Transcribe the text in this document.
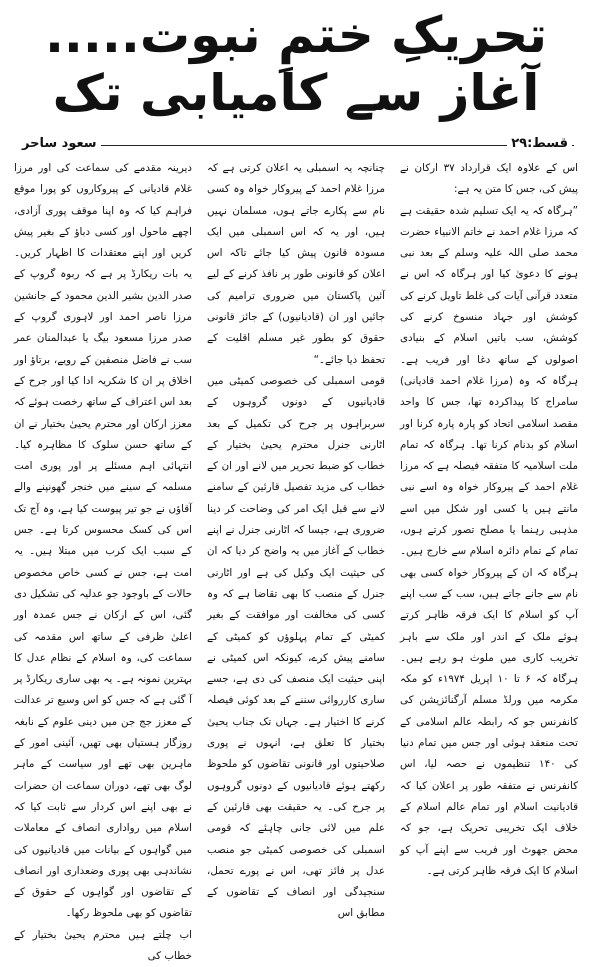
تحریکِ ختمِ نبوت.....
آغاز سے کامیابی تک
قسط:۲۹
سعود ساحر

اس کے علاوہ ایک قرارداد ۳۷ ارکان نے پیش کی، جس کا متن یہ ہے:

”ہرگاہ کہ یہ ایک تسلیم شدہ حقیقت ہے کہ مرزا غلام احمد نے خاتم الانبیاء حضرت محمد صلی اللہ علیہ وسلم کے بعد نبی ہونے کا دعویٰ کیا اور ہرگاہ کہ اس نے متعدد قرآنی آیات کی غلط تاویل کرنے کی کوشش اور جہاد منسوخ کرنے کی کوشش، سب باتیں اسلام کے بنیادی اصولوں کے ساتھ دغا اور فریب ہے۔ ہرگاہ کہ وہ (مرزا غلام احمد قادیانی) سامراج کا پیداکردہ تھا، جس کا واحد مقصد اسلامی اتحاد کو پارہ پارہ کرنا اور اسلام کو بدنام کرنا تھا۔ ہرگاہ کہ تمام ملت اسلامیہ کا متفقہ فیصلہ ہے کہ مرزا غلام احمد کے پیروکار خواہ وہ اسے نبی مانتے ہیں یا کسی اور شکل میں اسے مذہبی رہنما یا مصلح تصور کرتے ہوں، تمام کے تمام دائرہ اسلام سے خارج ہیں۔ ہرگاہ کہ ان کے پیروکار خواہ کسی بھی نام سے جانے جاتے ہیں، سب کے سب اپنے آپ کو اسلام کا ایک فرقہ ظاہر کرتے ہوئے ملک کے اندر اور ملک سے باہر تخریب کاری میں ملوث ہو رہے ہیں۔ ہرگاہ کہ ۶ تا ۱۰ اپریل ۱۹۷۴ء کو مکہ مکرمہ میں ورلڈ مسلم آرگنائزیشن کی کانفرنس جو کہ رابطہ عالم اسلامی کے تحت منعقد ہوئی اور جس میں تمام دنیا کی ۱۴۰ تنظیموں نے حصہ لیا، اس کانفرنس نے متفقہ طور پر اعلان کیا کہ قادیانیت اسلام اور تمام عالم اسلام کے خلاف ایک تخریبی تحریک ہے، جو کہ محض جھوٹ اور فریب سے اپنے آپ کو اسلام کا ایک فرقہ ظاہر کرتی ہے۔

چنانچہ یہ اسمبلی یہ اعلان کرتی ہے کہ مرزا غلام احمد کے پیروکار خواہ وہ کسی نام سے پکارے جاتے ہوں، مسلمان نہیں ہیں، اور یہ کہ اس اسمبلی میں ایک مسودہ قانون پیش کیا جائے تاکہ اس اعلان کو قانونی طور پر نافذ کرنے کے لیے آئین پاکستان میں ضروری ترامیم کی جائیں اور ان (قادیانیوں) کے جائز قانونی حقوق کو بطور غیر مسلم اقلیت کے تحفظ دیا جائے۔“

قومی اسمبلی کی خصوصی کمیٹی میں قادیانیوں کے دونوں گروہوں کے سربراہوں پر جرح کی تکمیل کے بعد اٹارنی جنرل محترم یحییٰ بختیار کے خطاب کو ضبط تحریر میں لانے اور ان کے خطاب کی مزید تفصیل قارئین کے سامنے لانے سے قبل ایک امر کی وضاحت کر دینا ضروری ہے، جیسا کہ اٹارنی جنرل نے اپنے خطاب کے آغاز میں یہ واضح کر دیا کہ ان کی حیثیت ایک وکیل کی ہے اور اٹارنی جنرل کے منصب کا بھی تقاضا ہے کہ وہ کسی کی مخالفت اور موافقت کے بغیر کمیٹی کے تمام پہلوؤں کو کمیٹی کے سامنے پیش کرے، کیونکہ اس کمیٹی نے اپنی حیثیت ایک منصف کی دی ہے، جسے ساری کارروائی سننے کے بعد کوئی فیصلہ کرنے کا اختیار ہے۔ جہاں تک جناب یحییٰ بختیار کا تعلق ہے، انہوں نے پوری صلاحیتوں اور قانونی تقاضوں کو ملحوظ رکھتے ہوئے قادیانیوں کے دونوں گروہوں پر جرح کی۔ یہ حقیقت بھی قارئین کے علم میں لائی جانی چاہئے کہ قومی اسمبلی کی خصوصی کمیٹی جو منصب عدل پر فائز تھی، اس نے پورے تحمل، سنجیدگی اور انصاف کے تقاضوں کے مطابق اس

دیرینہ مقدمے کی سماعت کی اور مرزا غلام قادیانی کے پیروکاروں کو پورا موقع فراہم کیا کہ وہ اپنا موقف پوری آزادی، اچھے ماحول اور کسی دباؤ کے بغیر پیش کریں اور اپنے معتقدات کا اظہار کریں۔ یہ بات ریکارڈ پر ہے کہ ربوہ گروپ کے صدر الدین بشیر الدین محمود کے جانشین مرزا ناصر احمد اور لاہوری گروپ کے صدر مرزا مسعود بیگ یا عبدالمنان عمر سب نے فاضل منصفین کے رویے، برتاؤ اور اخلاق پر ان کا شکریہ ادا کیا اور جرح کے بعد اس اعتراف کے ساتھ رخصت ہوئے کہ معزز ارکان اور محترم یحییٰ بختیار نے ان کے ساتھ حسن سلوک کا مظاہرہ کیا۔ انتہائی اہم مسئلے پر اور پوری امت مسلمہ کے سینے میں خنجر گھونپنے والے آقاؤں نے جو تیر پیوست کیا ہے، وہ آج تک اس کی کسک محسوس کرتا ہے۔ جس کے سبب ایک کرب میں مبتلا ہیں۔ یہ امت ہے، جس نے کسی خاص مخصوص حالات کے باوجود جو عدلیہ کی تشکیل دی گئی، اس کے ارکان نے جس عمدہ اور اعلیٰ ظرفی کے ساتھ اس مقدمہ کی سماعت کی، وہ اسلام کے نظام عدل کا بہترین نمونہ ہے۔ یہ بھی ساری ریکارڈ پر آ گئی ہے کہ جس کو اس وسیع تر عدالت کے معزز جج جن میں دینی علوم کے نابغہ روزگار ہستیاں بھی تھیں، آئینی امور کے ماہرین بھی تھے اور سیاست کے ماہر لوگ بھی تھے، دوران سماعت ان حضرات نے بھی اپنے اس کردار سے ثابت کیا کہ اسلام میں رواداری انصاف کے معاملات میں گواہوں کے بیانات میں قادیانیوں کی نشاندہی بھی پوری وضعداری اور انصاف کے تقاضوں اور گواہوں کے حقوق کے تقاضوں کو بھی ملحوظ رکھا۔

اب چلتے ہیں محترم یحییٰ بختیار کے خطاب کی
